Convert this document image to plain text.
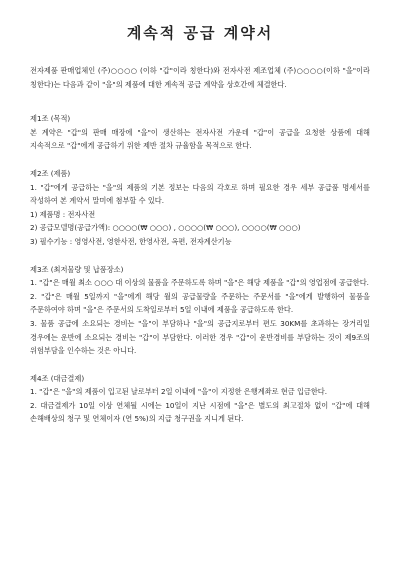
계속적 공급 계약서

전자제품 판매업체인 (주)○○○○ (이하 "갑"이라 칭한다)와 전자사전 제조업체 (주)○○○○(이하 "을"이라 칭한다)는 다음과 같이 "을"의 제품에 대한 계속적 공급 계약을 상호간에 체결한다.

제1조 (목적)

본 계약은 "갑"의 판매 매장에 "을"이 생산하는 전자사전 가운데 "갑"이 공급을 요청한 상품에 대해 지속적으로 "갑"에게 공급하기 위한 제반 절차 규율함을 목적으로 한다.

제2조 (제품)

1. "갑"에게 공급하는 "을"의 제품의 기본 정보는 다음의 각호로 하며 필요한 경우 세부 공급품 명세서를 작성하여 본 계약서 말미에 첨부할 수 있다.

1) 제품명 : 전자사전

2) 공급모델명(공급가액): ○○○○(₩ ○○○) , ○○○○(₩ ○○○), ○○○○(₩ ○○○)

3) 필수기능 : 영영사전, 영한사전, 한영사전, 옥편, 전자계산기능

제3조 (최저물량 및 납품장소)

1. "갑"은 매월 최소 ○○○ 대 이상의 물품을 주문하도록 하며 "을"은 해당 제품을 "갑"의 영업점에 공급한다.

2. "갑"은 매월 5일까지 "을"에게 해당 월의 공급물량을 주문하는 주문서를 "을"에게 발행하여 물품을 주문하여야 하며 "을"은 주문서의 도착일로부터 5일 이내에 제품을 공급하도록 한다.

3. 물품 공급에 소요되는 경비는 "을"이 부담하나 "을"의 공급지로부터 편도 30KM를 초과하는 장거리일 경우에는 운반에 소요되는 경비는 "갑"이 부담한다. 이러한 경우 "갑"이 운반경비를 부담하는 것이 제9조의 위험부담을 인수하는 것은 아니다.

제4조 (대금결제)

1. "갑"은 "을"의 제품이 입고된 날로부터 2일 이내에 "을"이 지정한 은행계좌로 현금 입금한다.

2. 대금결제가 10일 이상 연체될 시에는 10일이 지난 시점에 "을"은 별도의 최고절차 없이 "갑"에 대해 손해배상의 청구 및 연체이자 (연 5%)의 지급 청구권을 지니게 된다.
